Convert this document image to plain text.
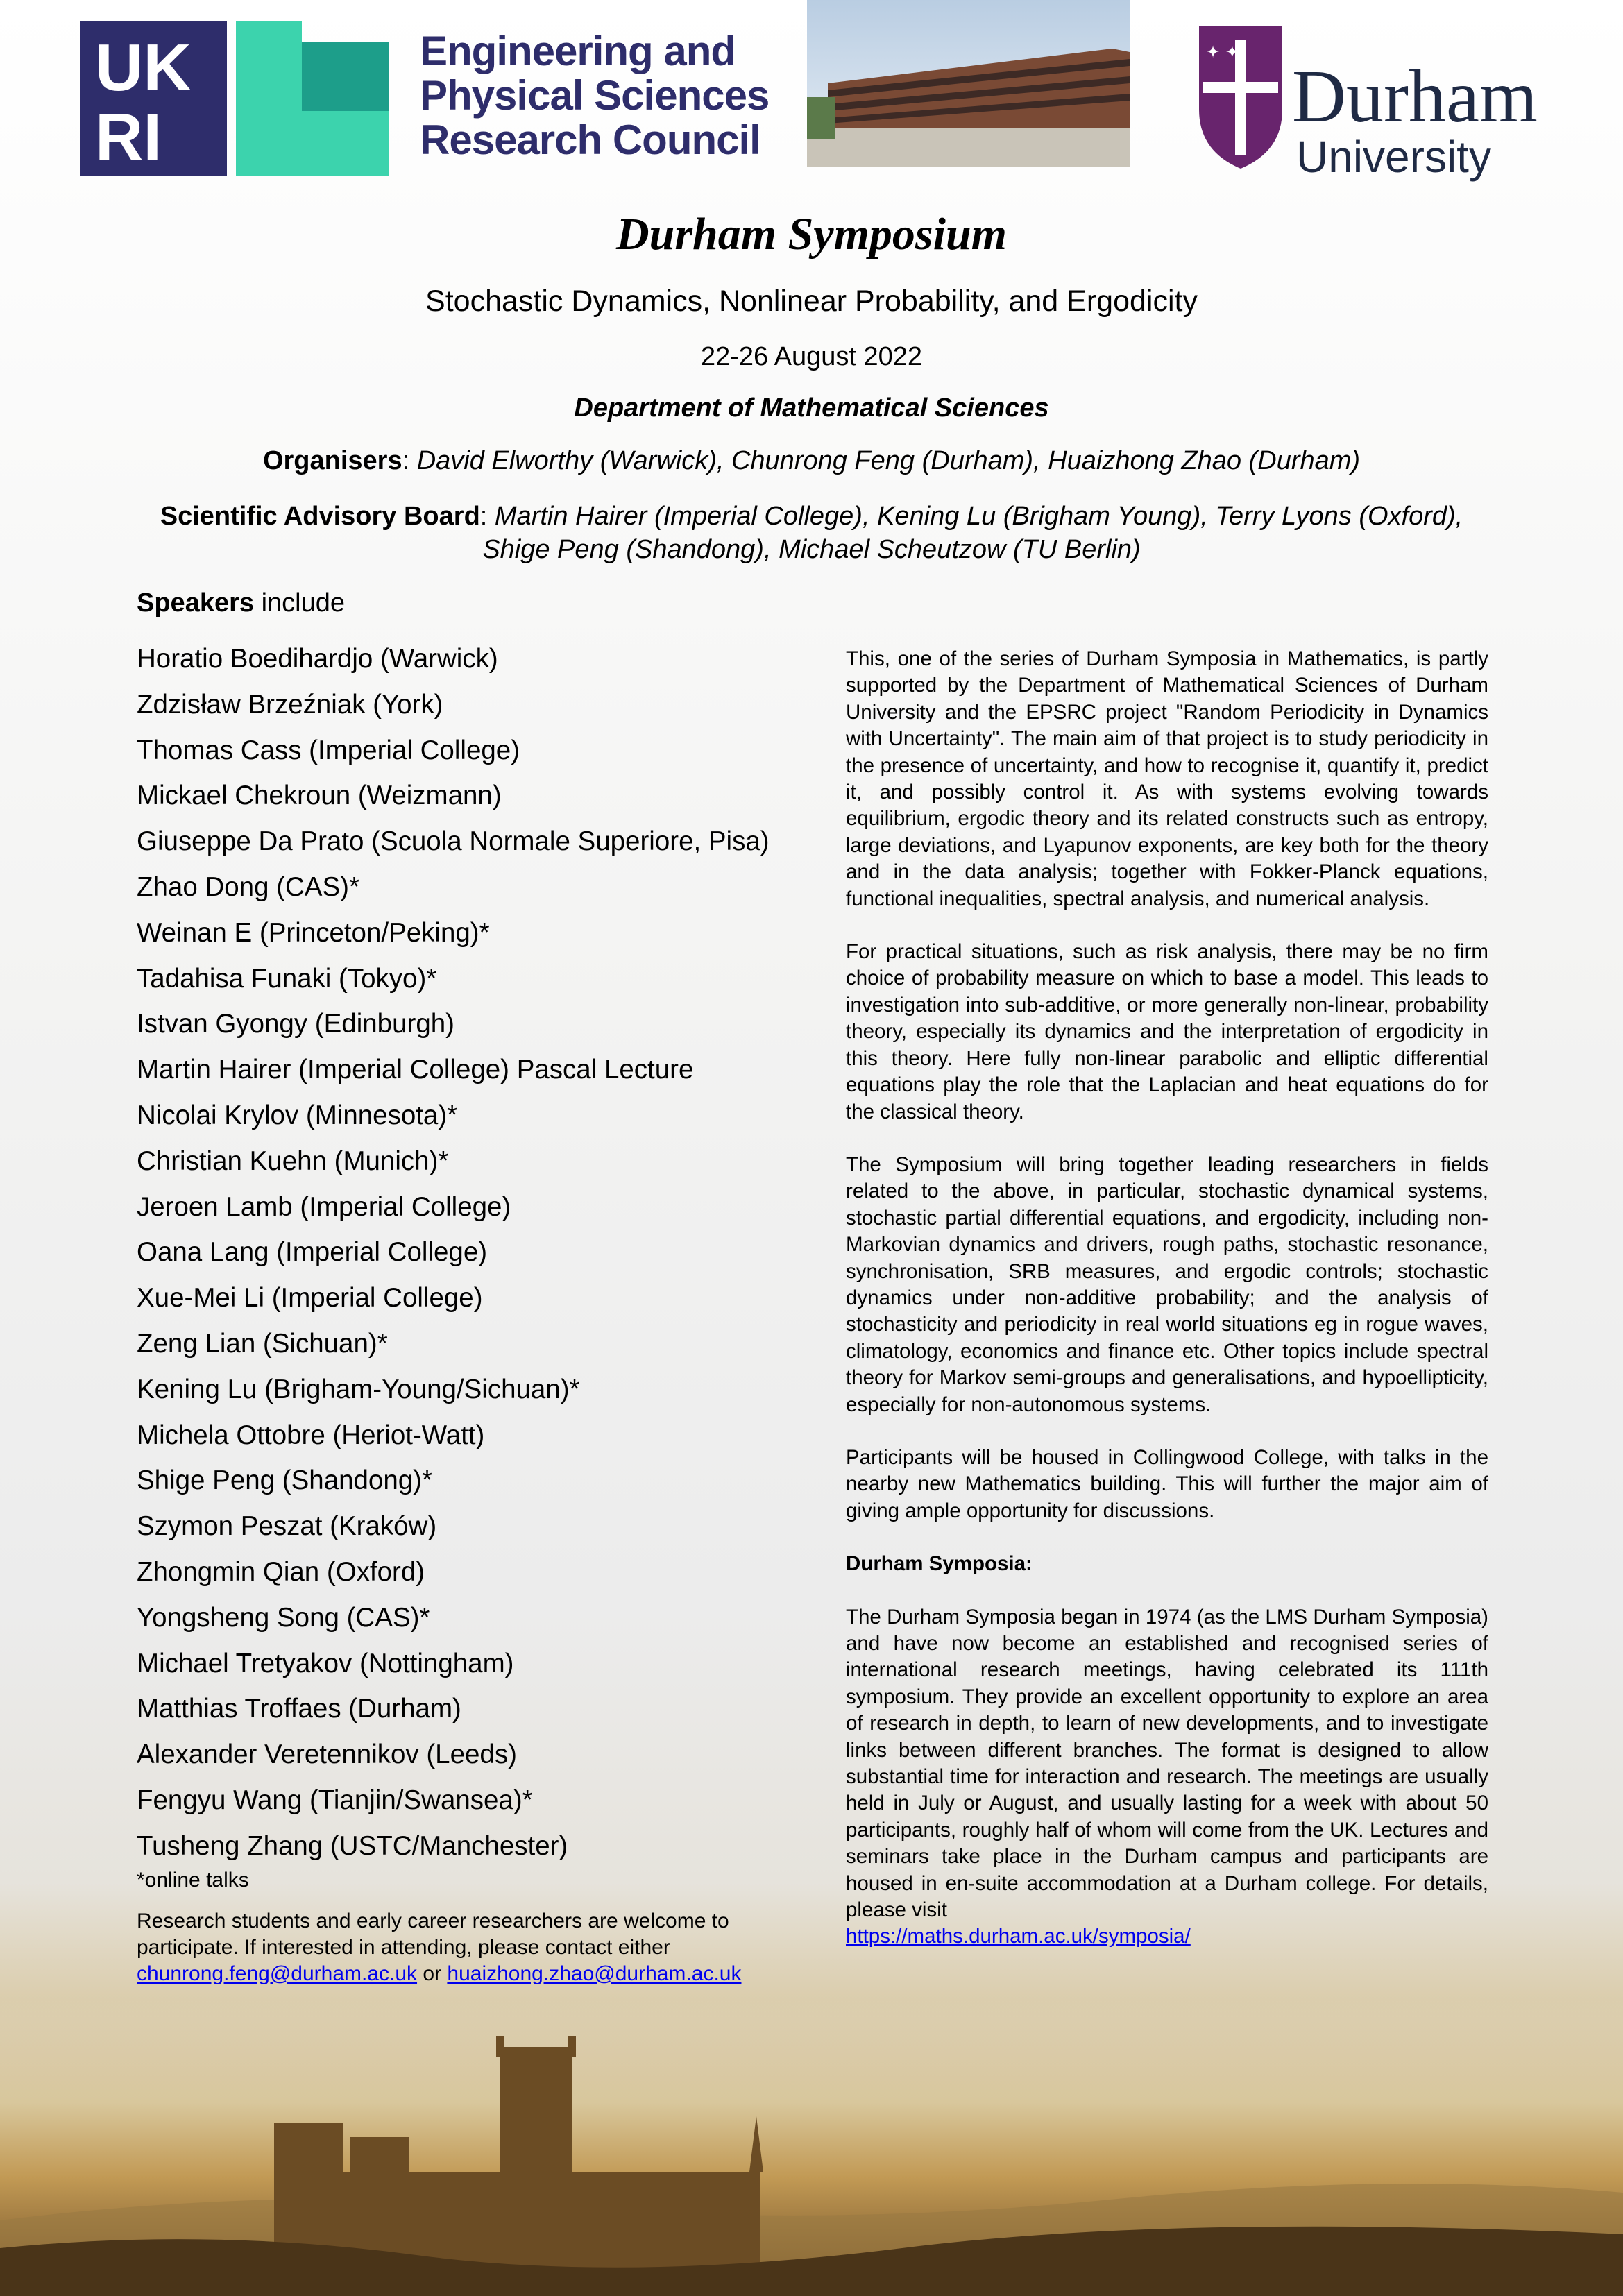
UK
RI
Engineering and
Physical Sciences
Research Council
✦ ✦
Durham
University
Durham Symposium
Stochastic Dynamics, Nonlinear Probability, and Ergodicity
22-26 August 2022
Department of Mathematical Sciences
Organisers: David Elworthy (Warwick), Chunrong Feng (Durham), Huaizhong Zhao (Durham)
Scientific Advisory Board: Martin Hairer (Imperial College), Kening Lu (Brigham Young), Terry Lyons (Oxford),
Shige Peng (Shandong), Michael Scheutzow (TU Berlin)
Speakers include
Horatio Boedihardjo (Warwick)
Zdzisław Brzeźniak (York)
Thomas Cass (Imperial College)
Mickael Chekroun (Weizmann)
Giuseppe Da Prato (Scuola Normale Superiore, Pisa)
Zhao Dong (CAS)*
Weinan E (Princeton/Peking)*
Tadahisa Funaki (Tokyo)*
Istvan Gyongy (Edinburgh)
Martin Hairer (Imperial College) Pascal Lecture
Nicolai Krylov (Minnesota)*
Christian Kuehn (Munich)*
Jeroen Lamb (Imperial College)
Oana Lang (Imperial College)
Xue-Mei Li (Imperial College)
Zeng Lian (Sichuan)*
Kening Lu (Brigham-Young/Sichuan)*
Michela Ottobre (Heriot-Watt)
Shige Peng (Shandong)*
Szymon Peszat (Kraków)
Zhongmin Qian (Oxford)
Yongsheng Song (CAS)*
Michael Tretyakov (Nottingham)
Matthias Troffaes (Durham)
Alexander Veretennikov (Leeds)
Fengyu Wang (Tianjin/Swansea)*
Tusheng Zhang (USTC/Manchester)
*online talks
Research students and early career researchers are welcome to participate. If interested in attending, please contact either
chunrong.feng@durham.ac.uk or huaizhong.zhao@durham.ac.uk

This, one of the series of Durham Symposia in Mathematics, is partly supported by the Department of Mathematical Sciences of Durham University and the EPSRC project "Random Periodicity in Dynamics with Uncertainty". The main aim of that project is to study periodicity in the presence of uncertainty, and how to recognise it, quantify it, predict it, and possibly control it. As with systems evolving towards equilibrium, ergodic theory and its related constructs such as entropy, large deviations, and Lyapunov exponents, are key both for the theory and in the data analysis; together with Fokker-Planck equations, functional inequalities, spectral analysis, and numerical analysis.

For practical situations, such as risk analysis, there may be no firm choice of probability measure on which to base a model. This leads to investigation into sub-additive, or more generally non-linear, probability theory, especially its dynamics and the interpretation of ergodicity in this theory. Here fully non-linear parabolic and elliptic differential equations play the role that the Laplacian and heat equations do for the classical theory.

The Symposium will bring together leading researchers in fields related to the above, in particular, stochastic dynamical systems, stochastic partial differential equations, and ergodicity, including non-Markovian dynamics and drivers, rough paths, stochastic resonance, synchronisation, SRB measures, and ergodic controls; stochastic dynamics under non-additive probability; and the analysis of stochasticity and periodicity in real world situations eg in rogue waves, climatology, economics and finance etc. Other topics include spectral theory for Markov semi-groups and generalisations, and hypoellipticity, especially for non-autonomous systems.

Participants will be housed in Collingwood College, with talks in the nearby new Mathematics building. This will further the major aim of giving ample opportunity for discussions.

Durham Symposia:

The Durham Symposia began in 1974 (as the LMS Durham Symposia) and have now become an established and recognised series of international research meetings, having celebrated its 111th symposium. They provide an excellent opportunity to explore an area of research in depth, to learn of new developments, and to investigate links between different branches. The format is designed to allow substantial time for interaction and research. The meetings are usually held in July or August, and usually lasting for a week with about 50 participants, roughly half of whom will come from the UK. Lectures and seminars take place in the Durham campus and participants are housed in en-suite accommodation at a Durham college. For details, please visit
https://maths.durham.ac.uk/symposia/
